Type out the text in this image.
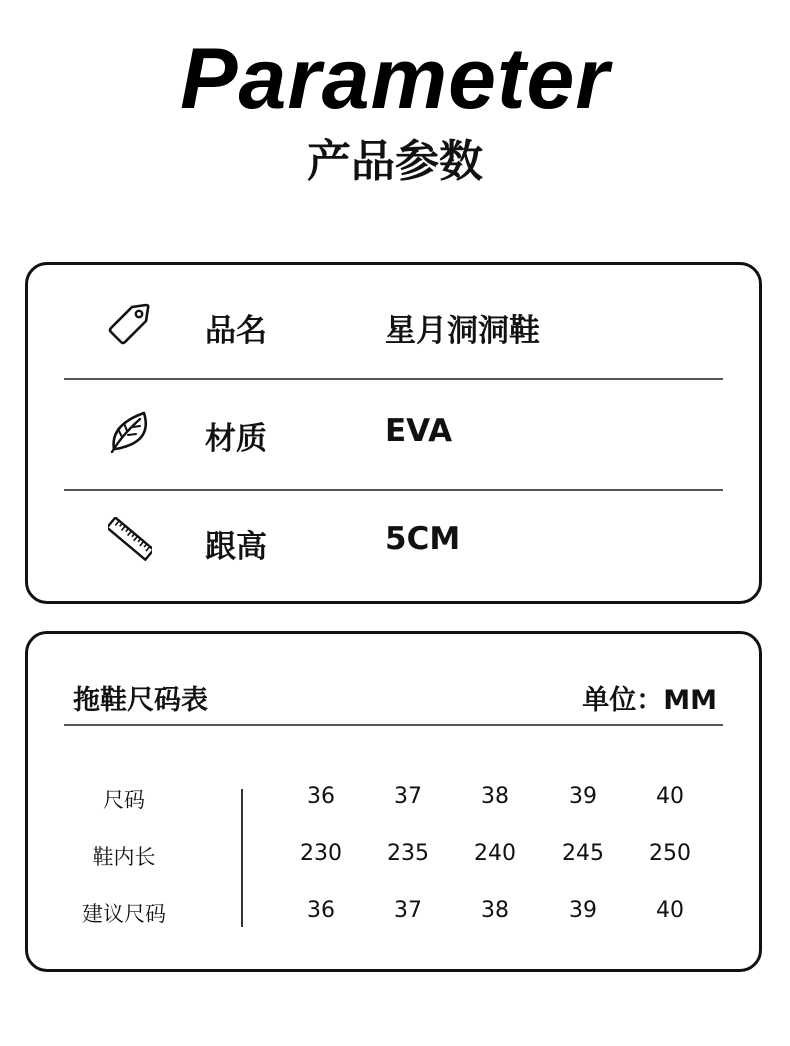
Parameter
产品参数
品名	星月洞洞鞋
材质	EVA
跟高	5CM
拖鞋尺码表	单位：MM
尺码	36	37	38	39	40
鞋内长	230	235	240	245	250
建议尺码	36	37	38	39	40
